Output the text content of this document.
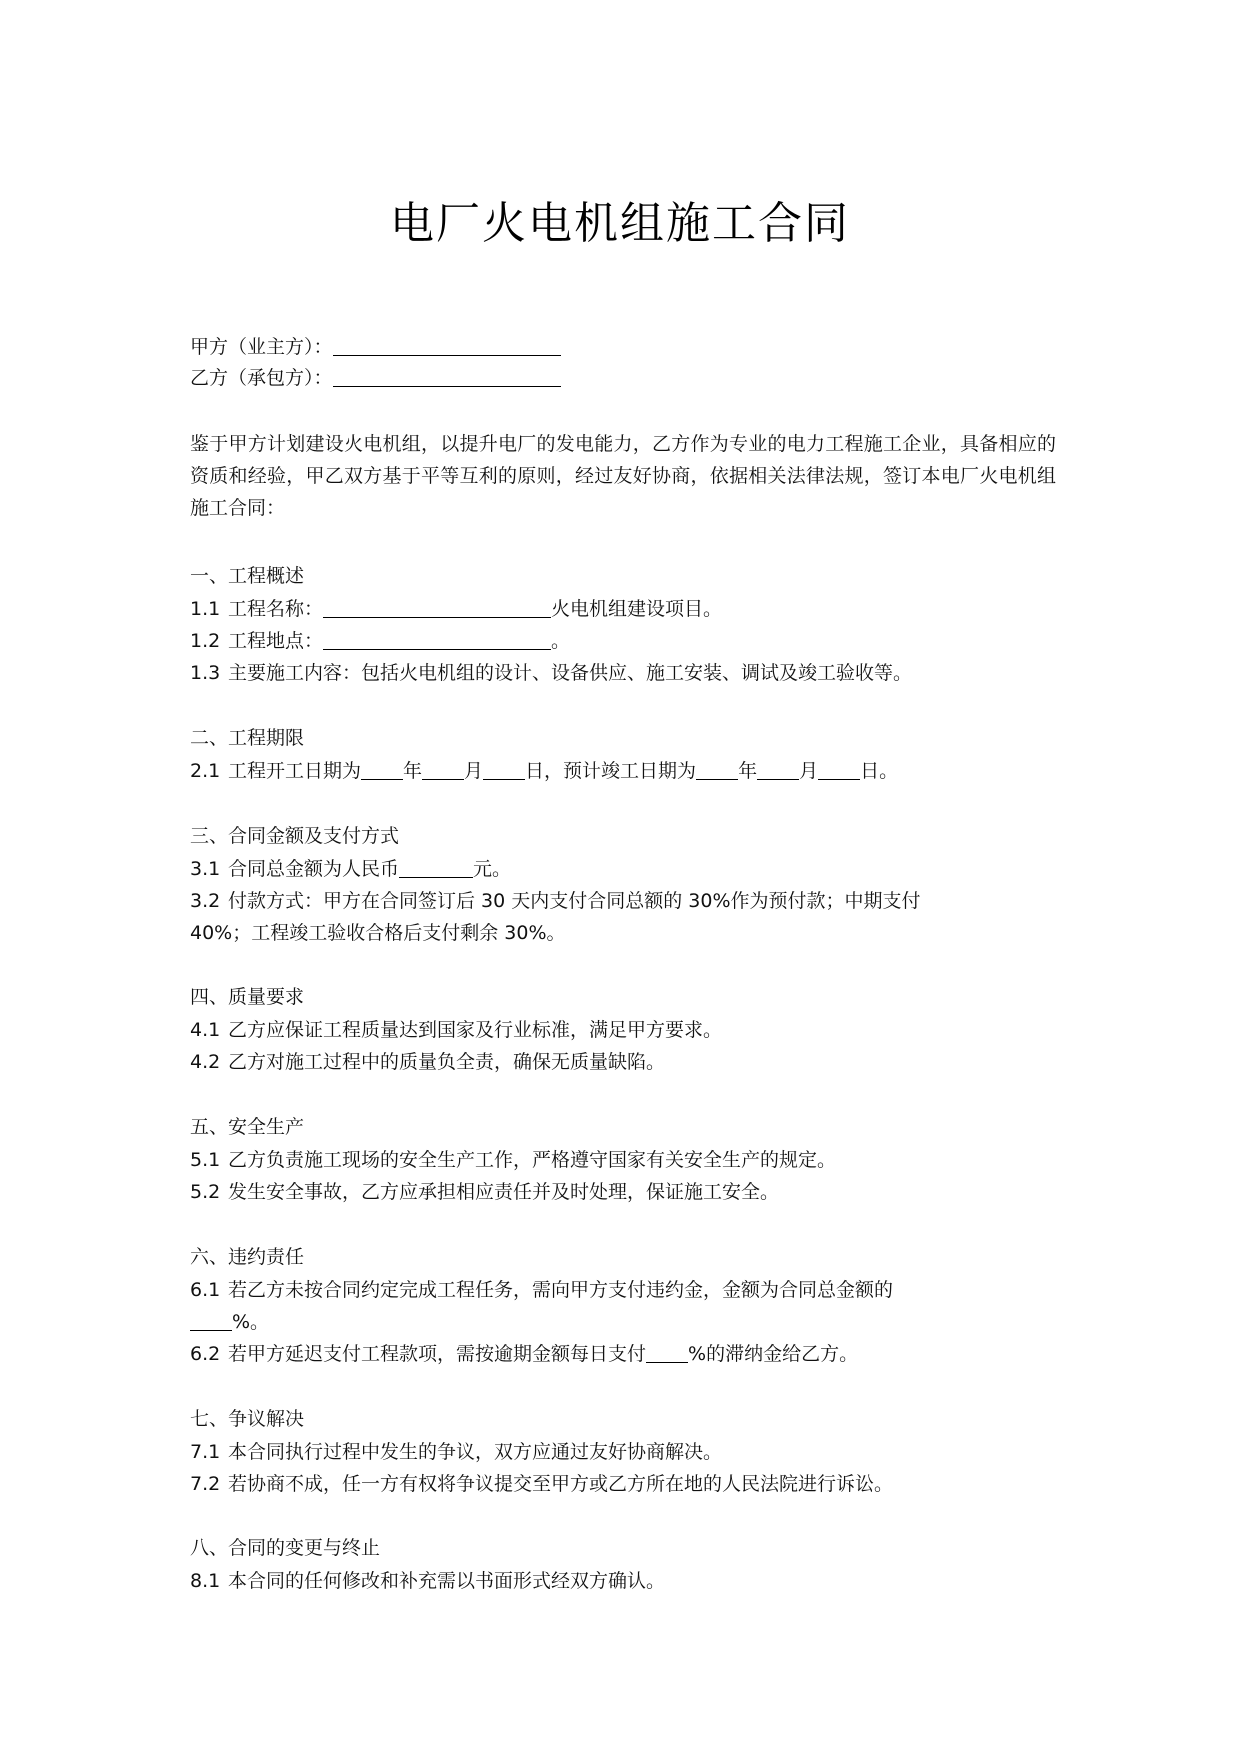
电厂火电机组施工合同

甲方（业主方）：

乙方（承包方）：

鉴于甲方计划建设火电机组，以提升电厂的发电能力，乙方作为专业的电力工程施工企业，具备相应的资质和经验，甲乙双方基于平等互利的原则，经过友好协商，依据相关法律法规，签订本电厂火电机组施工合同：

一、工程概述

1.1 工程名称：	火电机组建设项目。

1.2 工程地点：	。

1.3 主要施工内容：包括火电机组的设计、设备供应、施工安装、调试及竣工验收等。

二、工程期限

2.1 工程开工日期为 年 月 日，预计竣工日期为 年 月 日。

三、合同金额及支付方式

3.1 合同总金额为人民币	元。

3.2 付款方式：甲方在合同签订后 30 天内支付合同总额的 30%作为预付款；中期支付

40%；工程竣工验收合格后支付剩余 30%。

四、质量要求

4.1 乙方应保证工程质量达到国家及行业标准，满足甲方要求。

4.2 乙方对施工过程中的质量负全责，确保无质量缺陷。

五、安全生产

5.1 乙方负责施工现场的安全生产工作，严格遵守国家有关安全生产的规定。

5.2 发生安全事故，乙方应承担相应责任并及时处理，保证施工安全。

六、违约责任

6.1 若乙方未按合同约定完成工程任务，需向甲方支付违约金，金额为合同总金额的

%。

6.2 若甲方延迟支付工程款项，需按逾期金额每日支付 %的滞纳金给乙方。

七、争议解决

7.1 本合同执行过程中发生的争议，双方应通过友好协商解决。

7.2 若协商不成，任一方有权将争议提交至甲方或乙方所在地的人民法院进行诉讼。

八、合同的变更与终止

8.1 本合同的任何修改和补充需以书面形式经双方确认。
